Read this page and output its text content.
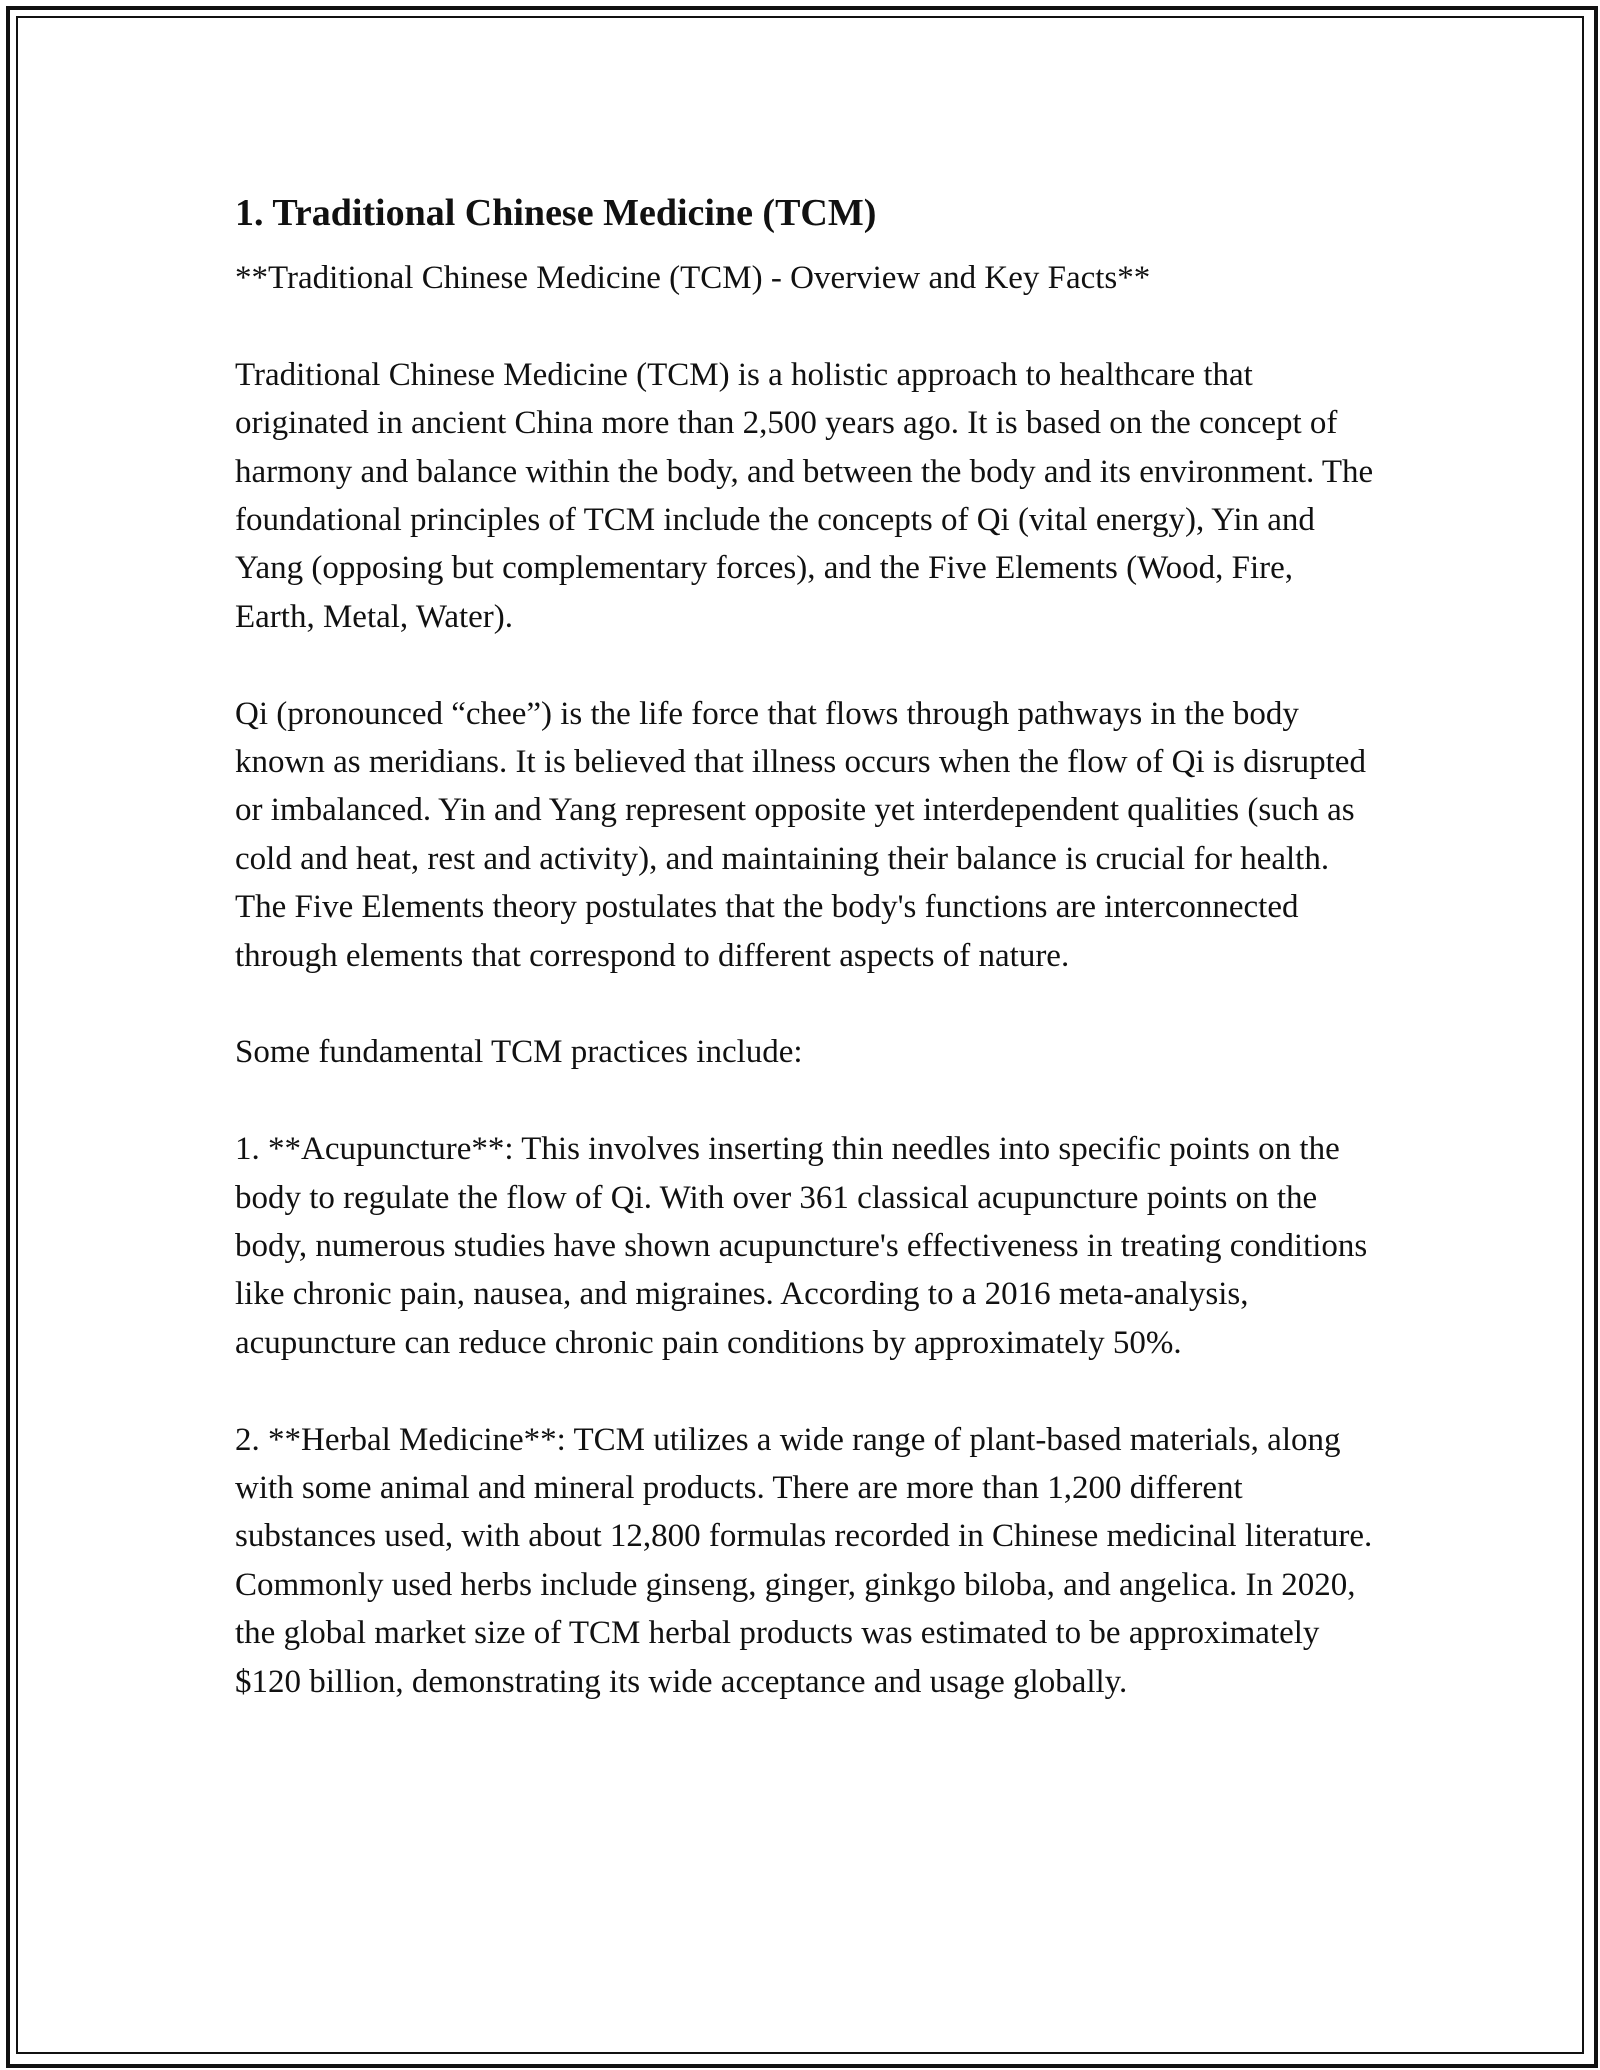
1. Traditional Chinese Medicine (TCM)

**Traditional Chinese Medicine (TCM) - Overview and Key Facts**

Traditional Chinese Medicine (TCM) is a holistic approach to healthcare that originated in ancient China more than 2,500 years ago. It is based on the concept of harmony and balance within the body, and between the body and its environment. The foundational principles of TCM include the concepts of Qi (vital energy), Yin and Yang (opposing but complementary forces), and the Five Elements (Wood, Fire, Earth, Metal, Water).

Qi (pronounced “chee”) is the life force that flows through pathways in the body known as meridians. It is believed that illness occurs when the flow of Qi is disrupted or imbalanced. Yin and Yang represent opposite yet interdependent qualities (such as cold and heat, rest and activity), and maintaining their balance is crucial for health. The Five Elements theory postulates that the body's functions are interconnected through elements that correspond to different aspects of nature.

Some fundamental TCM practices include:

1. **Acupuncture**: This involves inserting thin needles into specific points on the body to regulate the flow of Qi. With over 361 classical acupuncture points on the body, numerous studies have shown acupuncture's effectiveness in treating conditions like chronic pain, nausea, and migraines. According to a 2016 meta-analysis, acupuncture can reduce chronic pain conditions by approximately 50%.

2. **Herbal Medicine**: TCM utilizes a wide range of plant-based materials, along with some animal and mineral products. There are more than 1,200 different substances used, with about 12,800 formulas recorded in Chinese medicinal literature. Commonly used herbs include ginseng, ginger, ginkgo biloba, and angelica. In 2020, the global market size of TCM herbal products was estimated to be approximately $120 billion, demonstrating its wide acceptance and usage globally.
